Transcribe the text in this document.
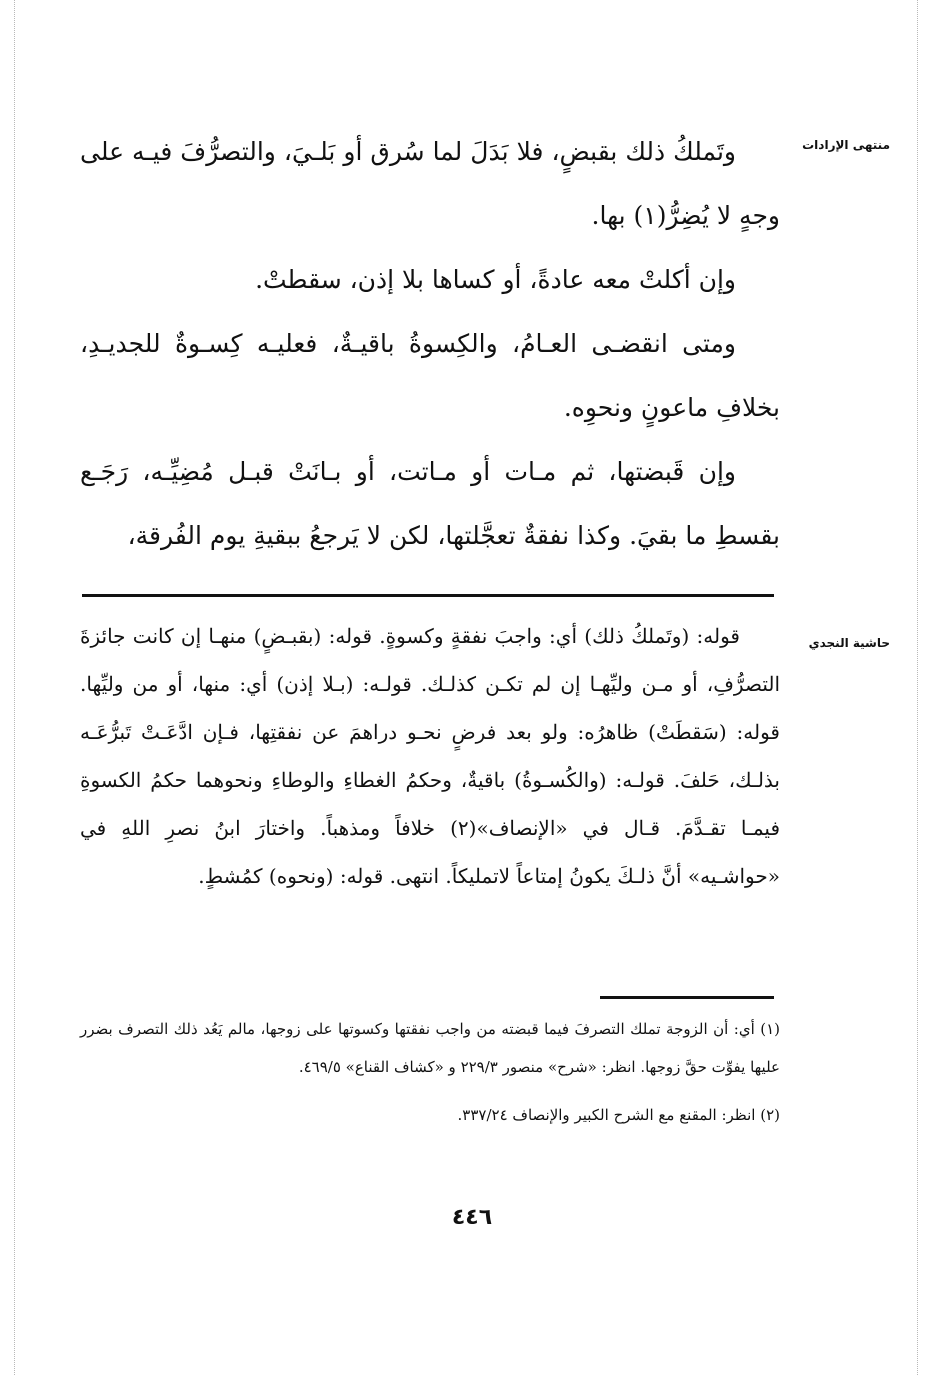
منتهى الإرادات
حاشية النجدي

وتَملكُ ذلك بقبضٍ، فلا بَدَلَ لما سُرق أو بَلـيَ، والتصرُّفَ فيـه على وجهٍ لا يُضِرُّ(١) بها.

وإن أكلتْ معه عادةً، أو كساها بلا إذن، سقطتْ.

ومتى انقضـى العـامُ، والكِسوةُ باقيـةٌ، فعليـه كِسـوةٌ للجديـدِ، بخلافِ ماعونٍ ونحوِه.

وإن قَبضتها، ثم مـات أو مـاتت، أو بـانَتْ قبـل مُضِيِّـه، رَجَـع بقسطِ ما بقيَ. وكذا نفقةٌ تعجَّلتها، لكن لا يَرجعُ ببقيةِ يوم الفُرقة،

قوله: (وتَملكُ ذلك) أي: واجبَ نفقةٍ وكسوةٍ. قوله: (بقبـضٍ) منهـا إن كانت جائزةَ التصرُّفِ، أو مـن وليِّهـا إن لم تكـن كذلـك. قولـه: (بـلا إذن) أي: منها، أو من وليِّها. قوله: (سَقطَتْ) ظاهرُه: ولو بعد فرضٍ نحـو دراهمَ عن نفقتِها، فـإن ادَّعَـتْ تَبرُّعَـه بذلـك، حَلفَ. قولـه: (والكُسـوةُ) باقيةٌ، وحكمُ الغطاءِ والوطاءِ ونحوهما حكمُ الكسوةِ فيمـا تقـدَّمَ. قـال في «الإنصاف»(٢) خلافاً ومذهباً. واختارَ ابنُ نصرِ اللهِ في «حواشـيه» أنَّ ذلـكَ يكونُ إمتاعاً لاتمليكاً. انتهى. قوله: (ونحوه) كمُشطٍ.

(١) أي: أن الزوجة تملك التصرفَ فيما قبضته من واجب نفقتها وكسوتها على زوجها، مالم يَعُد ذلك التصرف بضرر عليها يفوِّت حقَّ زوجها. انظر: «شرح» منصور ٢٢٩/٣ و «كشاف القناع» ٤٦٩/٥.

(٢) انظر: المقنع مع الشرح الكبير والإنصاف ٣٣٧/٢٤.

٤٤٦
